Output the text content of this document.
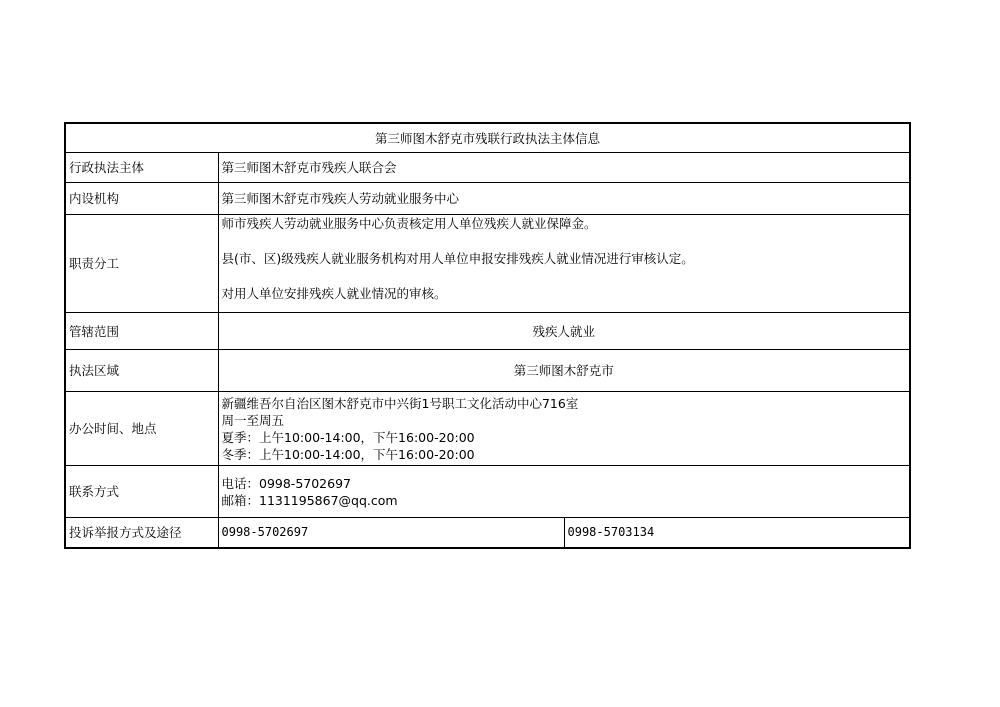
第三师图木舒克市残联行政执法主体信息		
行政执法主体	第三师图木舒克市残疾人联合会	
内设机构	第三师图木舒克市残疾人劳动就业服务中心	
职责分工	师市残疾人劳动就业服务中心负责核定用人单位残疾人就业保障金。

县(市、区)级残疾人就业服务机构对用人单位申报安排残疾人就业情况进行审核认定。

对用人单位安排残疾人就业情况的审核。	

管辖范围	残疾人就业	
执法区域	第三师图木舒克市	
办公时间、地点	新疆维吾尔自治区图木舒克市中兴街1号职工文化活动中心716室
周一至周五
夏季：上午10:00-14:00，下午16:00-20:00
冬季：上午10:00-14:00，下午16:00-20:00	

联系方式	电话：0998-5702697
邮箱：1131195867@qq.com	

投诉举报方式及途径	0998-5702697	0998-5703134
